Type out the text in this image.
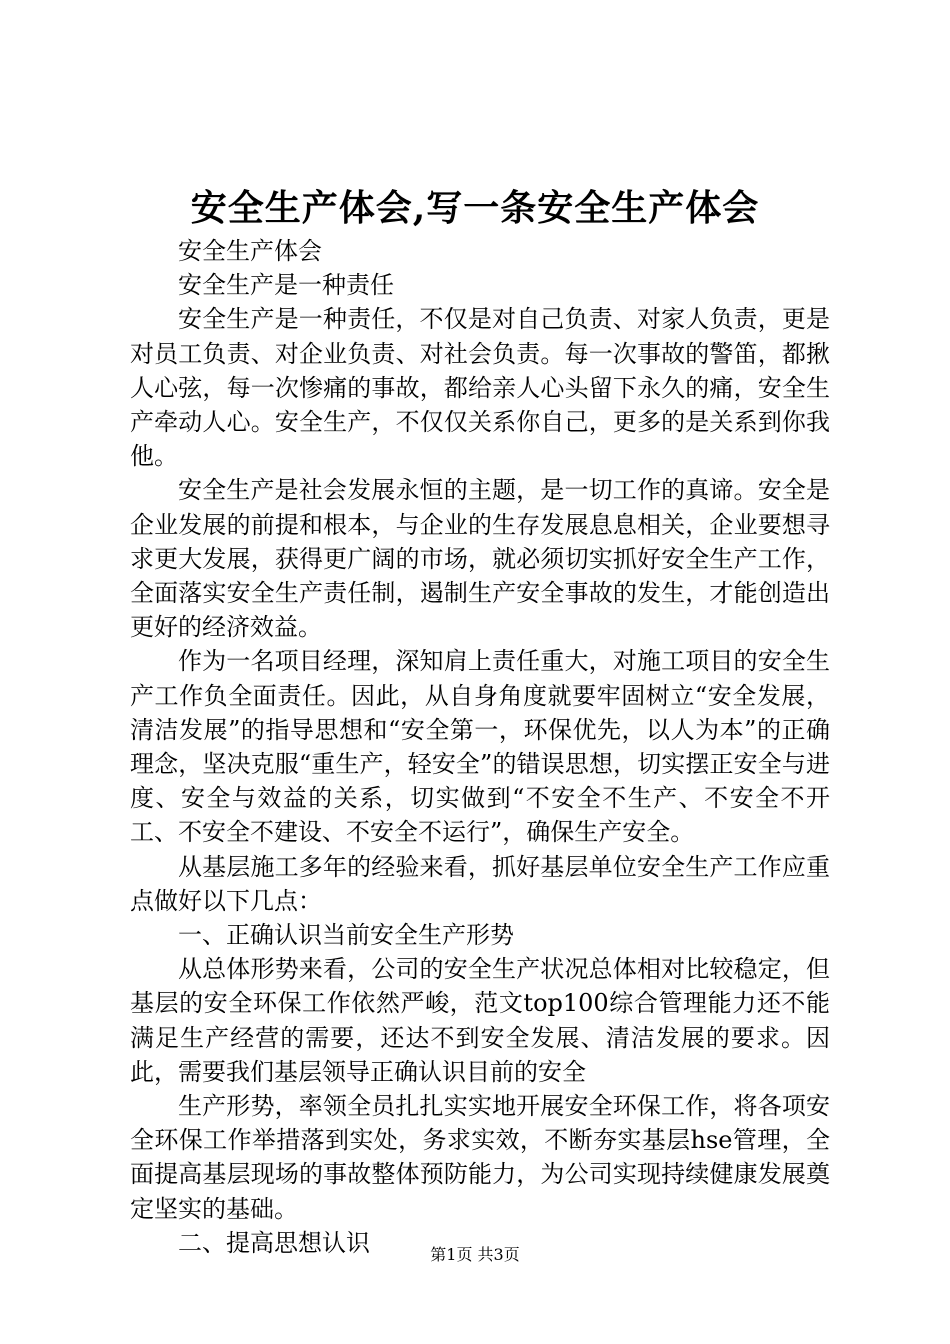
安全生产体会,写一条安全生产体会

安全生产体会

安全生产是一种责任

安全生产是一种责任，不仅是对自己负责、对家人负责，更是对员工负责、对企业负责、对社会负责。每一次事故的警笛，都揪人心弦，每一次惨痛的事故，都给亲人心头留下永久的痛，安全生产牵动人心。安全生产，不仅仅关系你自己，更多的是关系到你我他。

安全生产是社会发展永恒的主题，是一切工作的真谛。安全是企业发展的前提和根本，与企业的生存发展息息相关，企业要想寻求更大发展，获得更广阔的市场，就必须切实抓好安全生产工作，全面落实安全生产责任制，遏制生产安全事故的发生，才能创造出更好的经济效益。

作为一名项目经理，深知肩上责任重大，对施工项目的安全生产工作负全面责任。因此，从自身角度就要牢固树立“安全发展，清洁发展”的指导思想和“安全第一，环保优先，以人为本”的正确理念，坚决克服“重生产，轻安全”的错误思想，切实摆正安全与进度、安全与效益的关系，切实做到“不安全不生产、不安全不开工、不安全不建设、不安全不运行”，确保生产安全。

从基层施工多年的经验来看，抓好基层单位安全生产工作应重点做好以下几点：

一、正确认识当前安全生产形势

从总体形势来看，公司的安全生产状况总体相对比较稳定，但基层的安全环保工作依然严峻，范文top100综合管理能力还不能满足生产经营的需要，还达不到安全发展、清洁发展的要求。因此，需要我们基层领导正确认识目前的安全

生产形势，率领全员扎扎实实地开展安全环保工作，将各项安全环保工作举措落到实处，务求实效，不断夯实基层hse管理，全面提高基层现场的事故整体预防能力，为公司实现持续健康发展奠定坚实的基础。

二、提高思想认识	第1页 共3页
